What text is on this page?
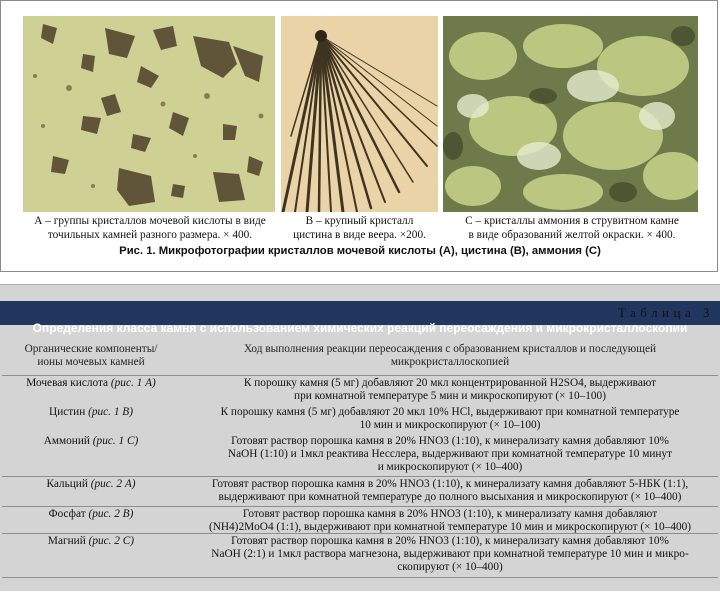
А – группы кристаллов мочевой кислоты в виде
точильных камней разного размера. × 400.
В – крупный кристалл
цистина в виде веера. ×200.
С – кристаллы аммония в струвитном камне
в виде образований желтой окраски. × 400.
Рис. 1. Микрофотографии кристаллов мочевой кислоты (А), цистина (В), аммония (С)
Таблица 3
Определения класса камня с использованием химических реакций переосаждения и микрокристаллоскопии
Органические компоненты/
ионы мочевых камней
Ход выполнения реакции переосаждения с образованием кристаллов и последующей
микрокристаллоскопией
Мочевая кислота (рис. 1 А)	К порошку камня (5 мг) добавляют 20 мкл концентрированной H2SO4, выдерживают
при комнатной температуре 5 мин и микроскопируют (× 10–100)
Цистин (рис. 1 В)	К порошку камня (5 мг) добавляют 20 мкл 10% HCl, выдерживают при комнатной температуре
10 мин и микроскопируют (× 10–100)
Аммоний (рис. 1 С)	Готовят раствор порошка камня в 20% HNO3 (1:10), к минерализату камня добавляют 10%
NaOH (1:10) и 1мкл реактива Несслера, выдерживают при комнатной температуре 10 минут
и микроскопируют (× 10–400)
Кальций (рис. 2 А)	Готовят раствор порошка камня в 20% HNO3 (1:10), к минерализату камня добавляют 5-НБК (1:1),
выдерживают при комнатной температуре до полного высыхания и микроскопируют (× 10–400)
Фосфат (рис. 2 В)	Готовят раствор порошка камня в 20% HNO3 (1:10), к минерализату камня добавляют
(NH4)2MoO4 (1:1), выдерживают при комнатной температуре 10 мин и микроскопируют (× 10–400)
Магний (рис. 2 С)	Готовят раствор порошка камня в 20% HNO3 (1:10), к минерализату камня добавляют 10%
NaOH (2:1) и 1мкл раствора магнезона, выдерживают при комнатной температуре 10 мин и микро-
скопируют (× 10–400)
